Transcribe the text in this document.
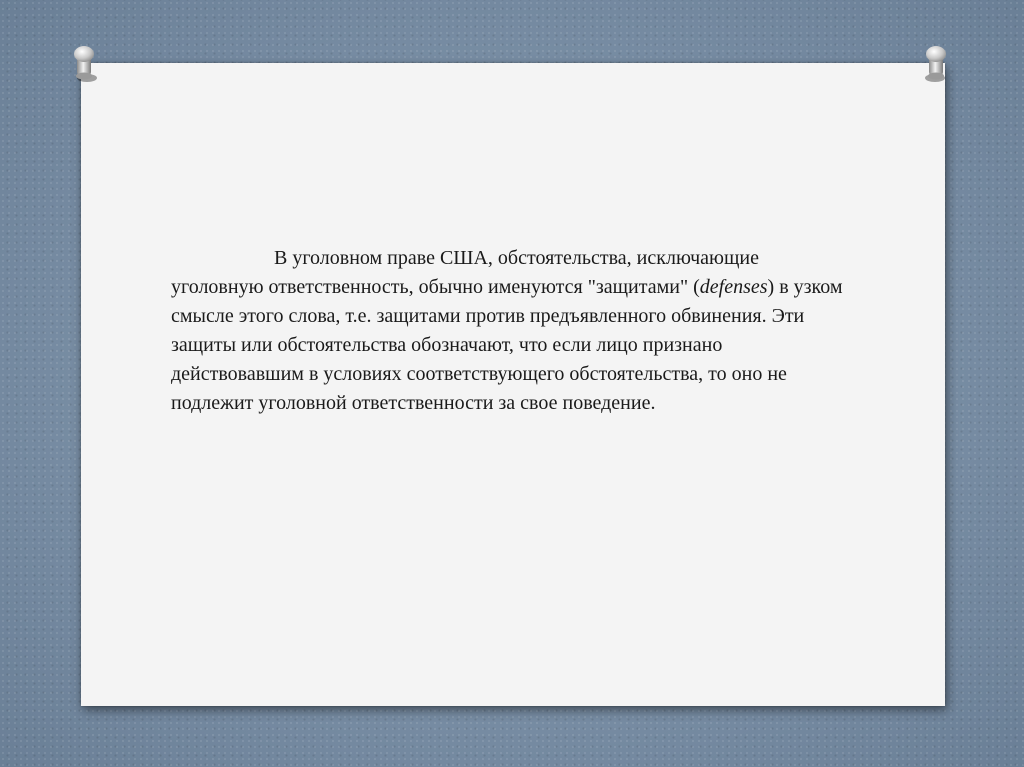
В уголовном праве США, обстоятельства, исключающие уголовную ответственность, обычно именуются "защитами" (defenses) в узком смысле этого слова, т.е. защитами против предъявленного обвинения. Эти защиты или обстоятельства обозначают, что если лицо признано действовавшим в условиях соответствующего обстоятельства, то оно не подлежит уголовной ответственности за свое поведение.
